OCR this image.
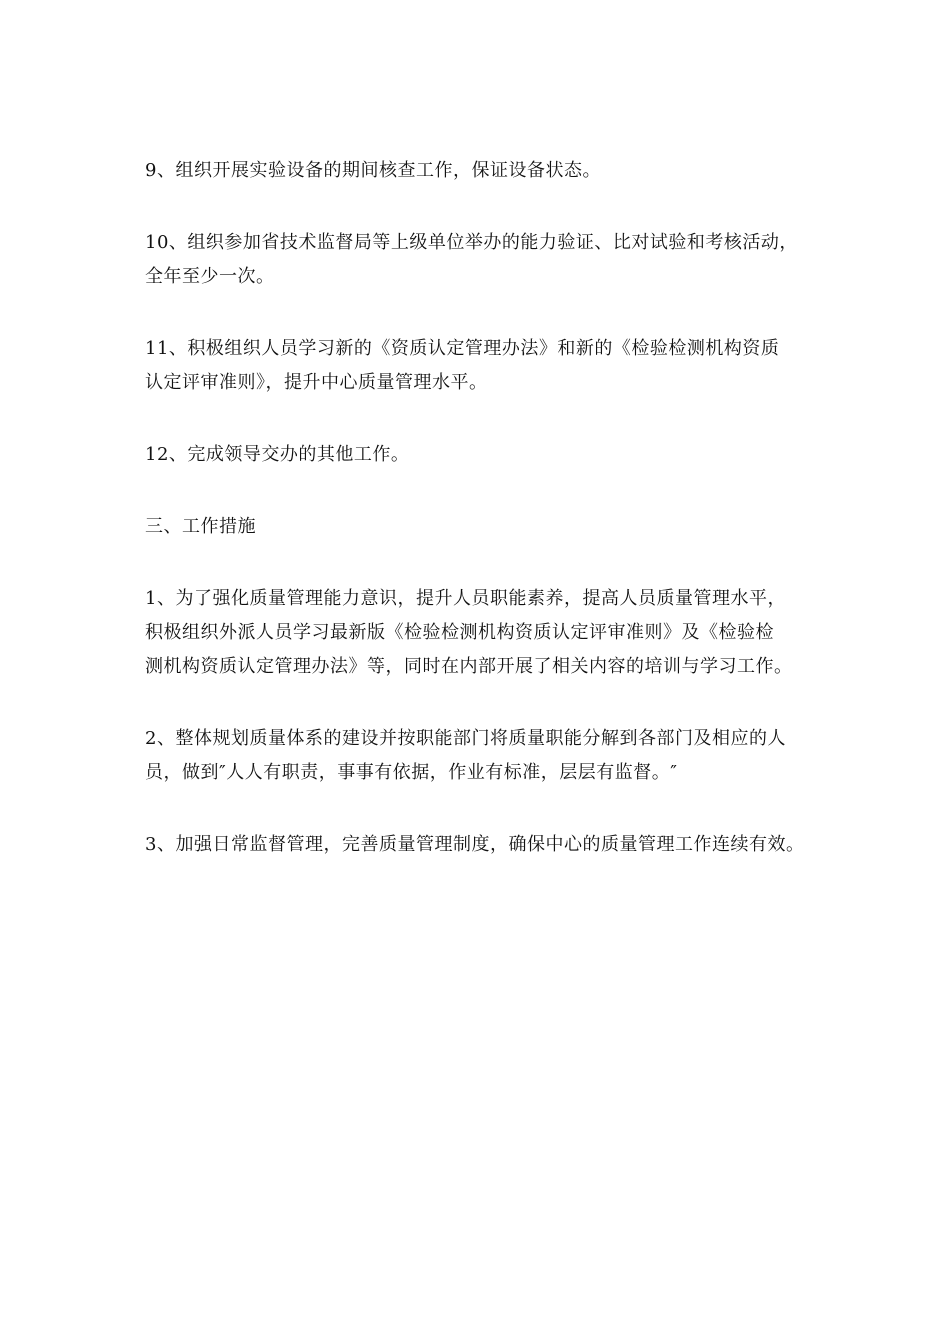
9、组织开展实验设备的期间核查工作，保证设备状态。

10、组织参加省技术监督局等上级单位举办的能力验证、比对试验和考核活动，
全年至少一次。

11、积极组织人员学习新的《资质认定管理办法》和新的《检验检测机构资质
认定评审准则》，提升中心质量管理水平。

12、完成领导交办的其他工作。

三、工作措施

1、为了强化质量管理能力意识，提升人员职能素养，提高人员质量管理水平，
积极组织外派人员学习最新版《检验检测机构资质认定评审准则》及《检验检
测机构资质认定管理办法》等，同时在内部开展了相关内容的培训与学习工作。

2、整体规划质量体系的建设并按职能部门将质量职能分解到各部门及相应的人
员，做到″人人有职责，事事有依据，作业有标准，层层有监督。″

3、加强日常监督管理，完善质量管理制度，确保中心的质量管理工作连续有效。
